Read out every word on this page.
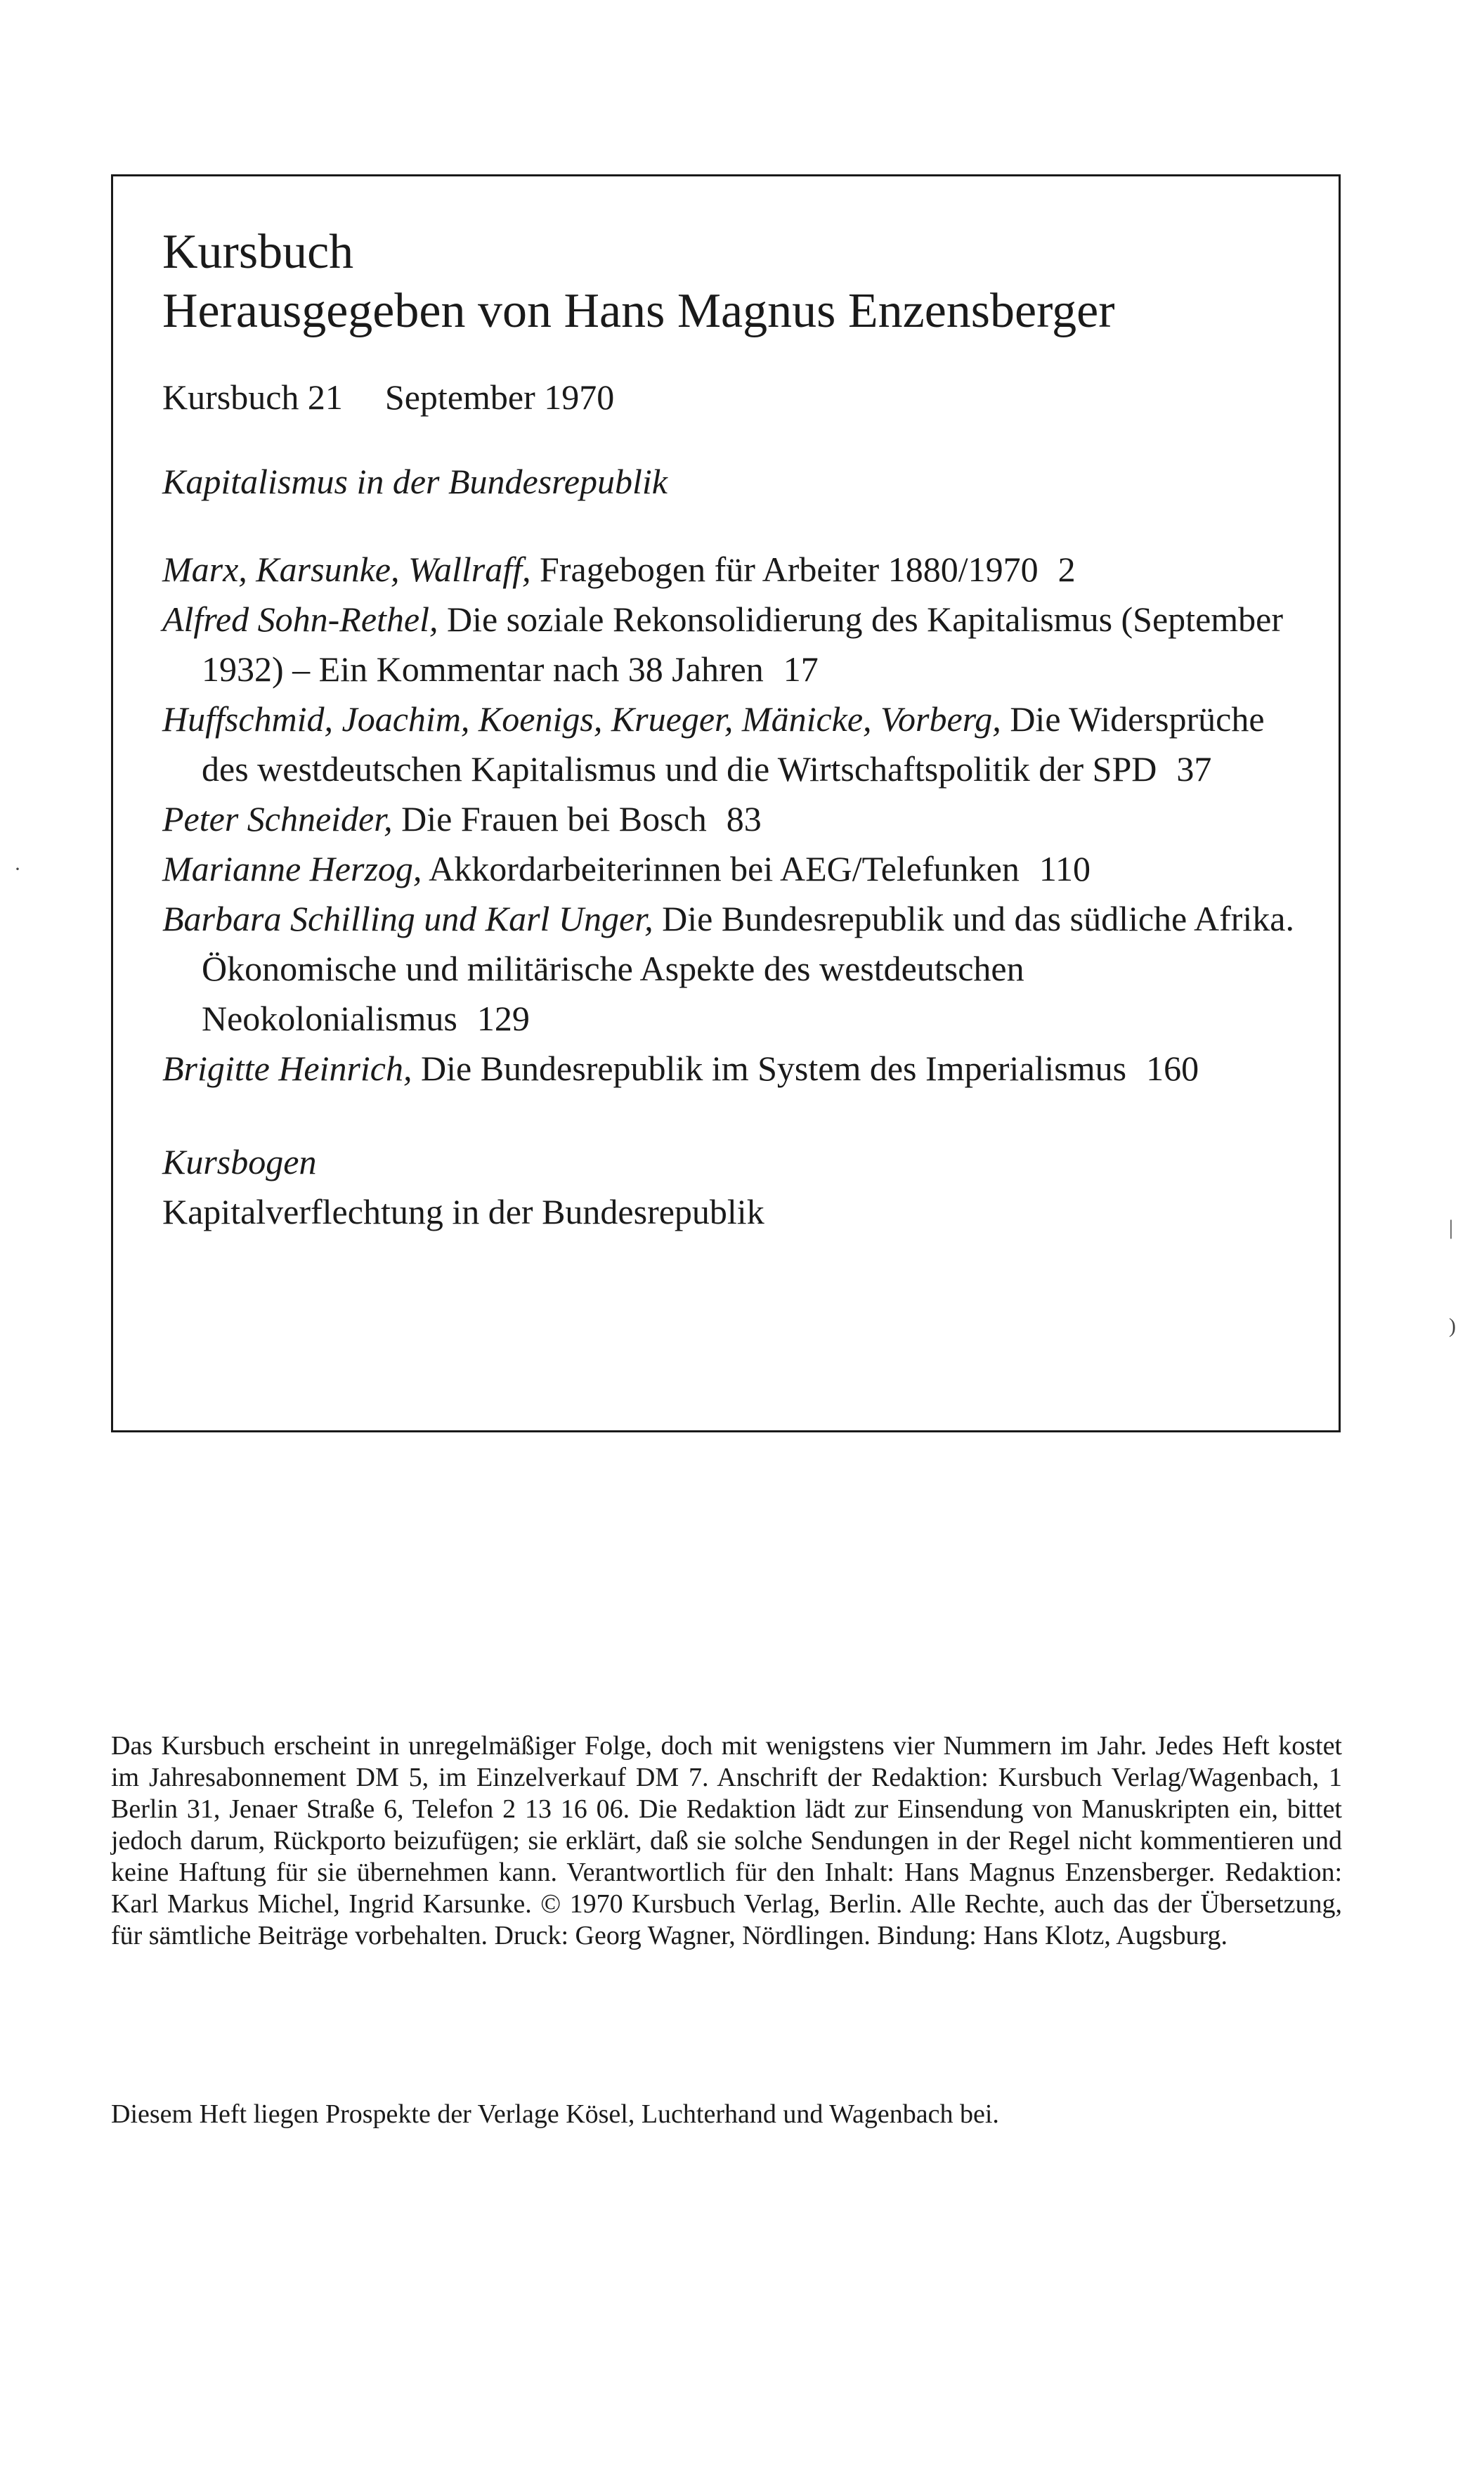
Kursbuch
Herausgegeben von Hans Magnus Enzensberger
Kursbuch 21 September 1970
Kapitalismus in der Bundesrepublik
Marx, Karsunke, Wallraff, Fragebogen für Arbeiter 1880/1970 2
Alfred Sohn-Rethel, Die soziale Rekonsolidierung des Kapitalismus (September 1932) – Ein Kommentar nach 38 Jahren 17
Huffschmid, Joachim, Koenigs, Krueger, Mänicke, Vorberg, Die Widersprüche des westdeutschen Kapitalismus und die Wirtschaftspolitik der SPD 37
Peter Schneider, Die Frauen bei Bosch 83
Marianne Herzog, Akkordarbeiterinnen bei AEG/Telefunken 110
Barbara Schilling und Karl Unger, Die Bundesrepublik und das südliche Afrika. Ökonomische und militärische Aspekte des westdeutschen Neokolonialismus 129
Brigitte Heinrich, Die Bundesrepublik im System des Imperialismus 160
Kursbogen
Kapitalverflechtung in der Bundesrepublik

Das Kursbuch erscheint in unregelmäßiger Folge, doch mit wenigstens vier Nummern im Jahr. Jedes Heft kostet im Jahresabonnement DM 5, im Einzelverkauf DM 7. Anschrift der Redaktion: Kursbuch Verlag/Wagenbach, 1 Berlin 31, Jenaer Straße 6, Telefon 2 13 16 06. Die Redaktion lädt zur Einsendung von Manuskripten ein, bittet jedoch darum, Rückporto beizufügen; sie erklärt, daß sie solche Sendungen in der Regel nicht kommentieren und keine Haftung für sie übernehmen kann. Verantwortlich für den Inhalt: Hans Magnus Enzensberger. Redaktion: Karl Markus Michel, Ingrid Karsunke. © 1970 Kursbuch Verlag, Berlin. Alle Rechte, auch das der Übersetzung, für sämtliche Beiträge vorbehalten. Druck: Georg Wagner, Nördlingen. Bindung: Hans Klotz, Augsburg.

Diesem Heft liegen Prospekte der Verlage Kösel, Luchterhand und Wagenbach bei.
|
)
·
